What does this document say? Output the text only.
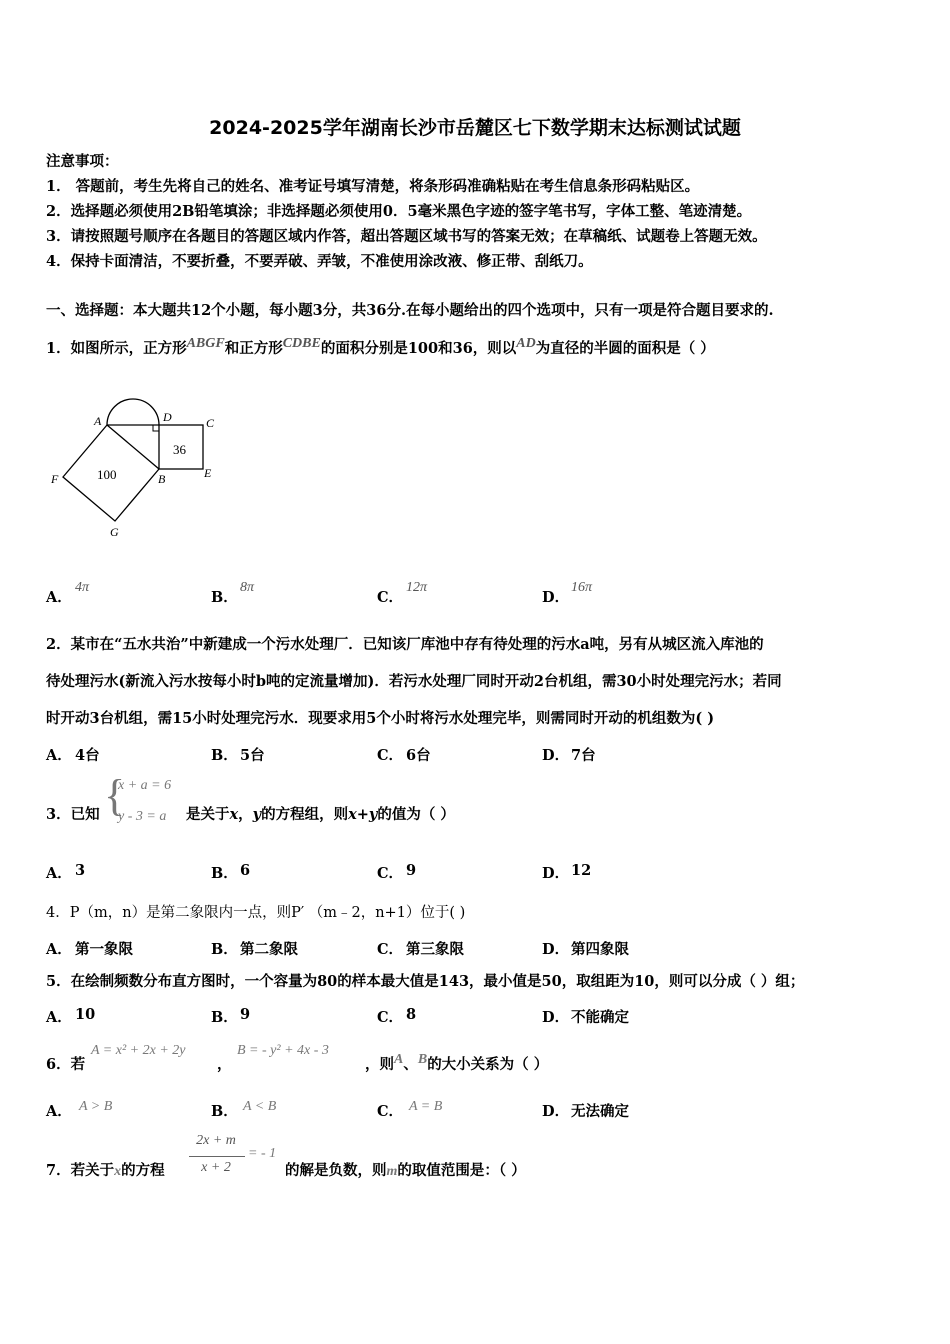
2024-2025学年湖南长沙市岳麓区七下数学期末达标测试试题
注意事项：
1． 答题前，考生先将自己的姓名、准考证号填写清楚，将条形码准确粘贴在考生信息条形码粘贴区。
2．选择题必须使用2B铅笔填涂；非选择题必须使用0．5毫米黑色字迹的签字笔书写，字体工整、笔迹清楚。
3．请按照题号顺序在各题目的答题区域内作答，超出答题区域书写的答案无效；在草稿纸、试题卷上答题无效。
4．保持卡面清洁，不要折叠，不要弄破、弄皱，不准使用涂改液、修正带、刮纸刀。
一、选择题：本大题共12个小题，每小题3分，共36分.在每小题给出的四个选项中，只有一项是符合题目要求的.
1．如图所示，正方形ABGF和正方形CDBE的面积分别是100和36，则以AD为直径的半圆的面积是（ ）
A	D	C
F	B	E
G
100
36
A．
4π
B．
8π
C．
12π
D．
16π
2．某市在“五水共治”中新建成一个污水处理厂．已知该厂库池中存有待处理的污水a吨，另有从城区流入库池的
待处理污水(新流入污水按每小时b吨的定流量增加)．若污水处理厂同时开动2台机组，需30小时处理完污水；若同
时开动3台机组，需15小时处理完污水．现要求用5个小时将污水处理完毕，则需同时开动的机组数为( )
A． 4台	B． 5台	C． 6台	D． 7台
3．已知 {
x + a = 6
y - 3 = a 是关于x，y的方程组，则x+y的值为（ ）
A． 3	B． 6	C． 9	D． 12
4．P（m，n）是第二象限内一点，则P′ （m﹣2，n+1）位于( )
A． 第一象限	B． 第二象限	C． 第三象限	D． 第四象限
5．在绘制频数分布直方图时，一个容量为80的样本最大值是143，最小值是50，取组距为10，则可以分成（ ）组；
A． 10	B． 9	C． 8	D． 不能确定
6．若
A = x² + 2x + 2y
，
B = - y² + 4x - 3
，则A、B的大小关系为（ ）
A． A > B	B． A < B	C． A = B	D． 无法确定
7．若关于x的方程
2x + m
x + 2
= - 1
的解是负数，则m的取值范围是：（ ）
